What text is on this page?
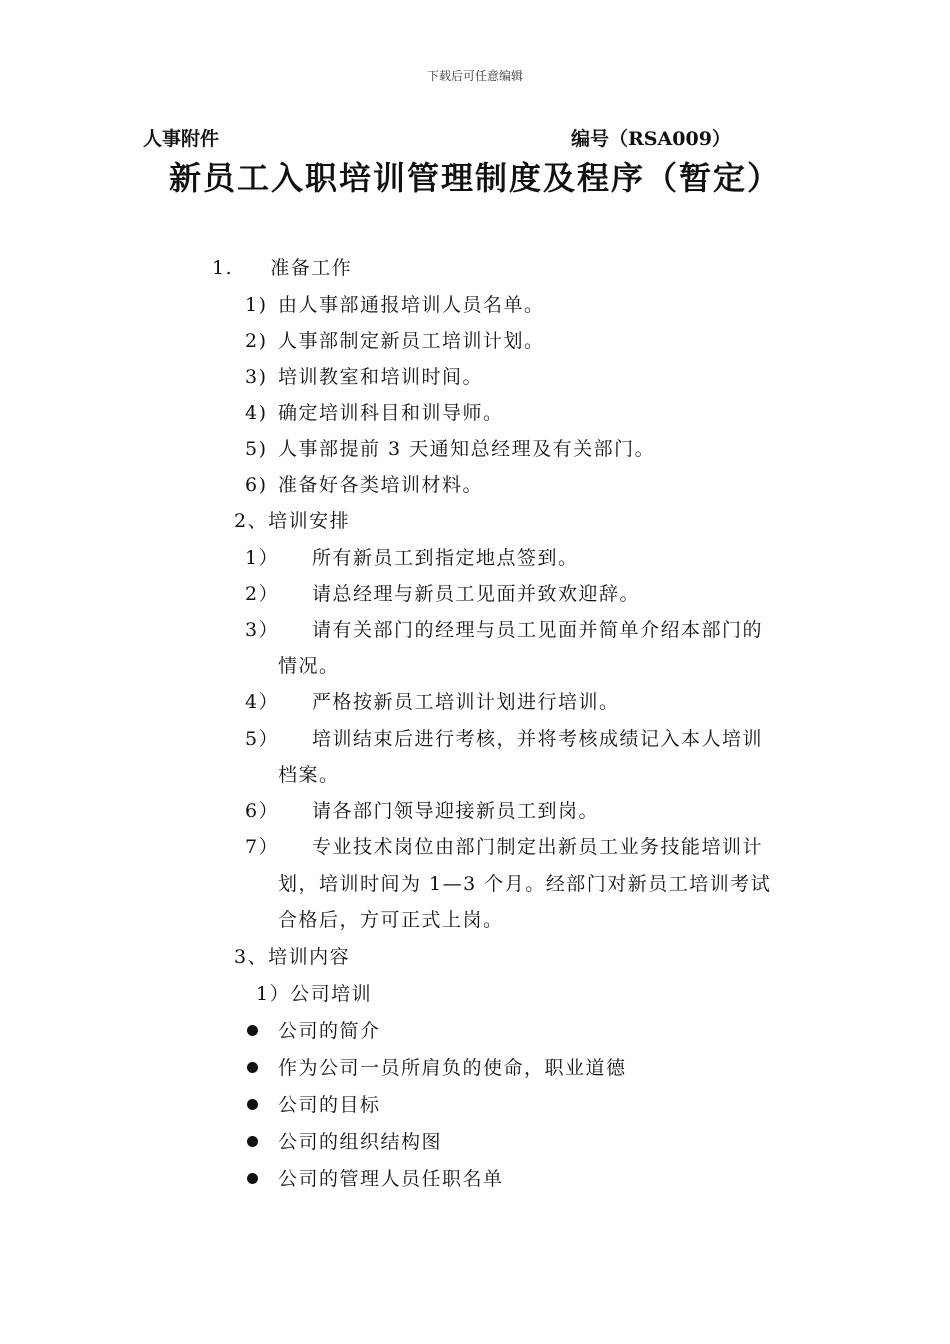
下载后可任意编辑
人事附件	编号（RSA009）
新员工入职培训管理制度及程序（暂定）
1. 准备工作
1) 由人事部通报培训人员名单。
2) 人事部制定新员工培训计划。
3) 培训教室和培训时间。
4) 确定培训科目和训导师。
5) 人事部提前 3 天通知总经理及有关部门。
6) 准备好各类培训材料。
2、培训安排
1） 所有新员工到指定地点签到。
2） 请总经理与新员工见面并致欢迎辞。
3） 请有关部门的经理与员工见面并简单介绍本部门的
情况。
4） 严格按新员工培训计划进行培训。
5） 培训结束后进行考核，并将考核成绩记入本人培训
档案。
6） 请各部门领导迎接新员工到岗。
7） 专业技术岗位由部门制定出新员工业务技能培训计
划，培训时间为 1—3 个月。经部门对新员工培训考试
合格后，方可正式上岗。
3、培训内容
1）公司培训
公司的简介
作为公司一员所肩负的使命，职业道德
公司的目标
公司的组织结构图
公司的管理人员任职名单
